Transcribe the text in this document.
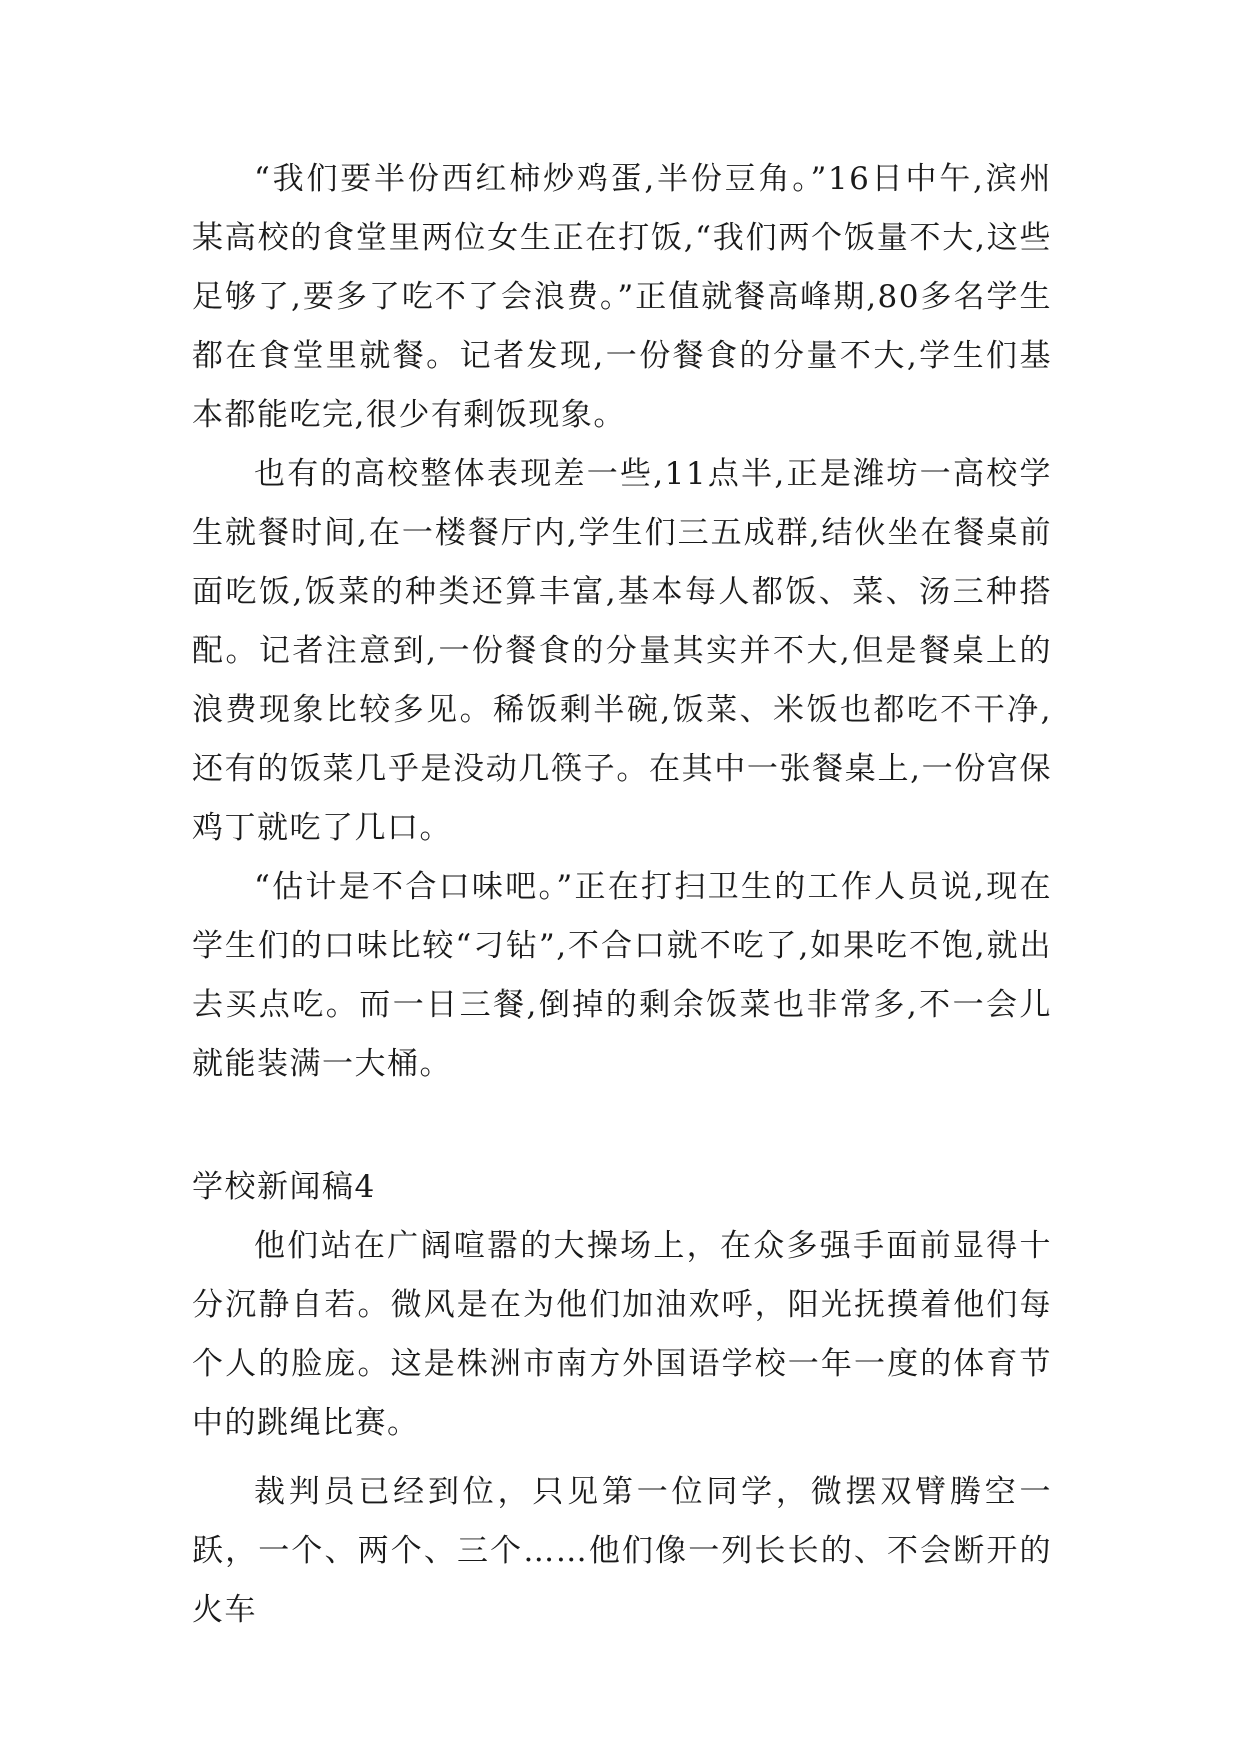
“我们要半份西红柿炒鸡蛋,半份豆角。”16日中午,滨州某高校的食堂里两位女生正在打饭,“我们两个饭量不大,这些足够了,要多了吃不了会浪费。”正值就餐高峰期,80多名学生都在食堂里就餐。记者发现,一份餐食的分量不大,学生们基本都能吃完,很少有剩饭现象。

也有的高校整体表现差一些,11点半,正是潍坊一高校学生就餐时间,在一楼餐厅内,学生们三五成群,结伙坐在餐桌前面吃饭,饭菜的种类还算丰富,基本每人都饭、菜、汤三种搭配。记者注意到,一份餐食的分量其实并不大,但是餐桌上的浪费现象比较多见。稀饭剩半碗,饭菜、米饭也都吃不干净,还有的饭菜几乎是没动几筷子。在其中一张餐桌上,一份宫保鸡丁就吃了几口。

“估计是不合口味吧。”正在打扫卫生的工作人员说,现在学生们的口味比较“刁钻”,不合口就不吃了,如果吃不饱,就出去买点吃。而一日三餐,倒掉的剩余饭菜也非常多,不一会儿就能装满一大桶。

学校新闻稿4

他们站在广阔喧嚣的大操场上，在众多强手面前显得十分沉静自若。微风是在为他们加油欢呼，阳光抚摸着他们每个人的脸庞。这是株洲市南方外国语学校一年一度的体育节中的跳绳比赛。

裁判员已经到位，只见第一位同学，微摆双臂腾空一跃，一个、两个、三个……他们像一列长长的、不会断开的火车
